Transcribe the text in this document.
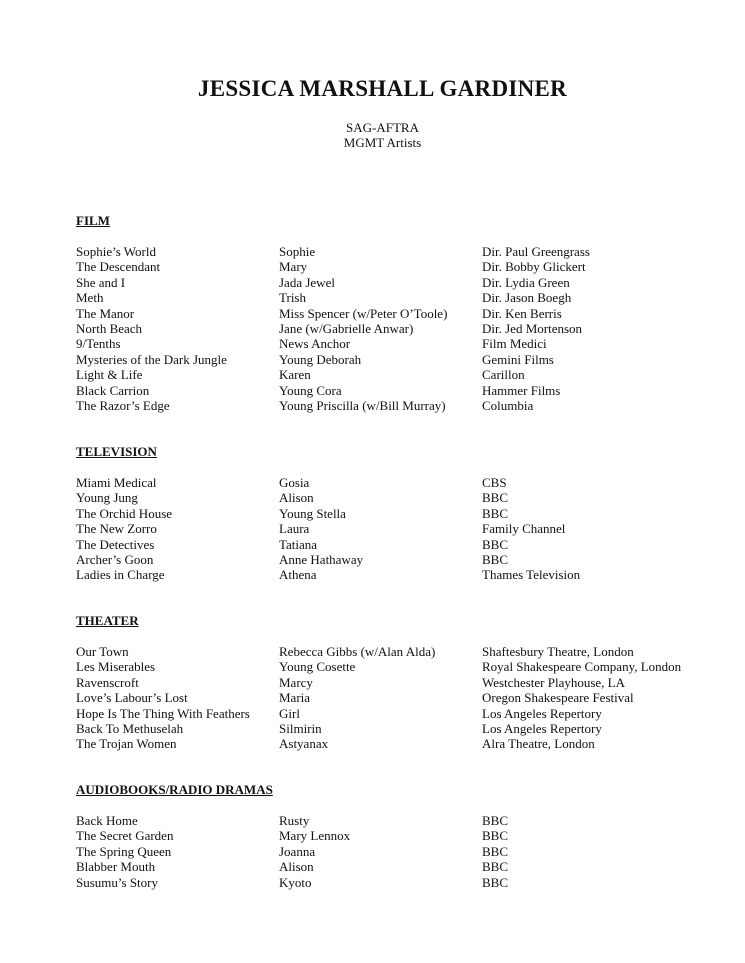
JESSICA MARSHALL GARDINER
SAG-AFTRA
MGMT Artists
FILM
Sophie’s World	Sophie	Dir. Paul Greengrass
The Descendant	Mary	Dir. Bobby Glickert
She and I	Jada Jewel	Dir. Lydia Green
Meth	Trish	Dir. Jason Boegh
The Manor	Miss Spencer (w/Peter O’Toole)	Dir. Ken Berris
North Beach	Jane (w/Gabrielle Anwar)	Dir. Jed Mortenson
9/Tenths	News Anchor	Film Medici
Mysteries of the Dark Jungle	Young Deborah	Gemini Films
Light & Life	Karen	Carillon
Black Carrion	Young Cora	Hammer Films
The Razor’s Edge	Young Priscilla (w/Bill Murray)	Columbia
TELEVISION
Miami Medical	Gosia	CBS
Young Jung	Alison	BBC
The Orchid House	Young Stella	BBC
The New Zorro	Laura	Family Channel
The Detectives	Tatiana	BBC
Archer’s Goon	Anne Hathaway	BBC
Ladies in Charge	Athena	Thames Television
THEATER
Our Town	Rebecca Gibbs (w/Alan Alda)	Shaftesbury Theatre, London
Les Miserables	Young Cosette	Royal Shakespeare Company, London
Ravenscroft	Marcy	Westchester Playhouse, LA
Love’s Labour’s Lost	Maria	Oregon Shakespeare Festival
Hope Is The Thing With Feathers	Girl	Los Angeles Repertory
Back To Methuselah	Silmirin	Los Angeles Repertory
The Trojan Women	Astyanax	Alra Theatre, London
AUDIOBOOKS/RADIO DRAMAS
Back Home	Rusty	BBC
The Secret Garden	Mary Lennox	BBC
The Spring Queen	Joanna	BBC
Blabber Mouth	Alison	BBC
Susumu’s Story	Kyoto	BBC
